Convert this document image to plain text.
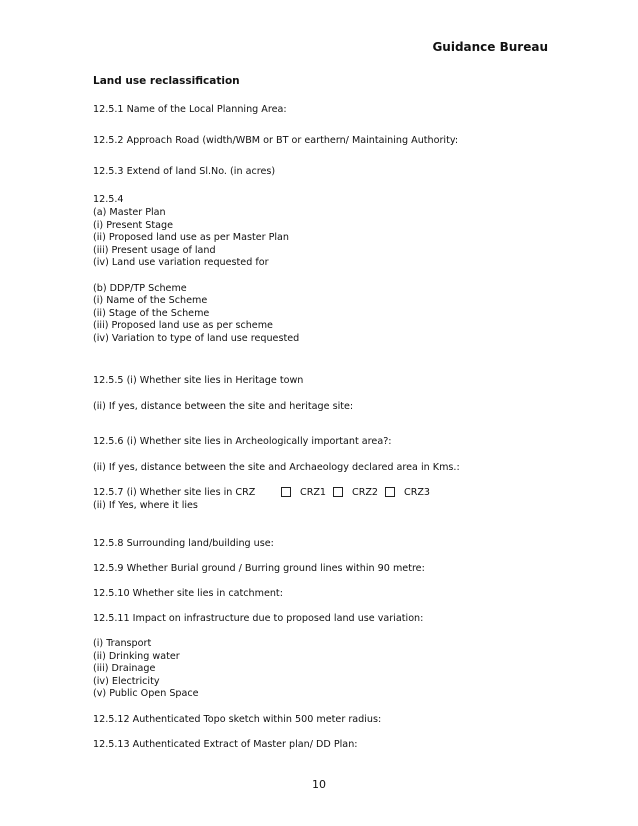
Guidance Bureau
Land use reclassification
12.5.1 Name of the Local Planning Area:
12.5.2 Approach Road (width/WBM or BT or earthern/ Maintaining Authority:
12.5.3 Extend of land Sl.No. (in acres)
12.5.4
(a) Master Plan
(i) Present Stage
(ii) Proposed land use as per Master Plan
(iii) Present usage of land
(iv) Land use variation requested for
(b) DDP/TP Scheme
(i) Name of the Scheme
(ii) Stage of the Scheme
(iii) Proposed land use as per scheme
(iv) Variation to type of land use requested
12.5.5 (i) Whether site lies in Heritage town
(ii) If yes, distance between the site and heritage site:
12.5.6 (i) Whether site lies in Archeologically important area?:
(ii) If yes, distance between the site and Archaeology declared area in Kms.:
12.5.7 (i) Whether site lies in CRZ	CRZ1	CRZ2	CRZ3
(ii) If Yes, where it lies
12.5.8 Surrounding land/building use:
12.5.9 Whether Burial ground / Burring ground lines within 90 metre:
12.5.10 Whether site lies in catchment:
12.5.11 Impact on infrastructure due to proposed land use variation:
(i) Transport
(ii) Drinking water
(iii) Drainage
(iv) Electricity
(v) Public Open Space
12.5.12 Authenticated Topo sketch within 500 meter radius:
12.5.13 Authenticated Extract of Master plan/ DD Plan:
10
